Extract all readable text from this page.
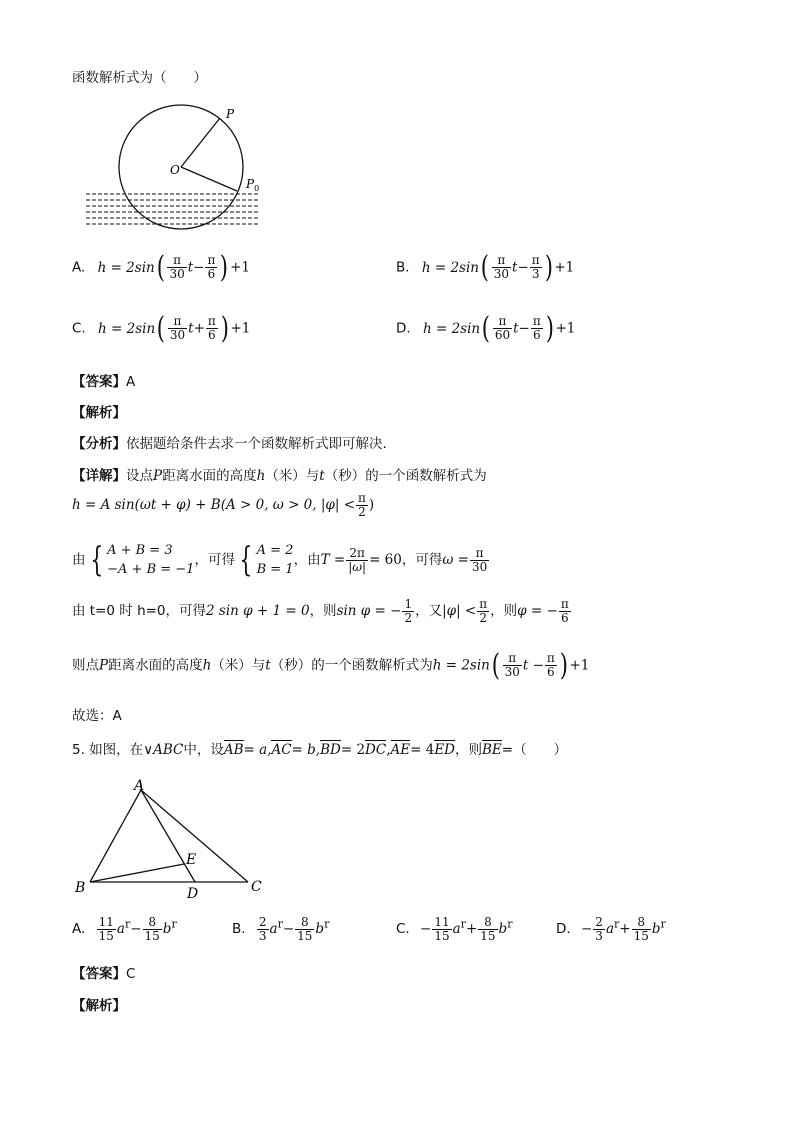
函数解析式为（　　）
P
O
$P_0$
A. $h = 2\sin( \frac{\pi}{30} t- \frac{\pi}{6}$ ) +1	B. $h = 2\sin( \frac{\pi}{30} t- \frac{\pi}{3}$ ) +1
C. $h = 2\sin( \frac{\pi}{30} t+ \frac{\pi}{6}$ ) +1	D. $h = 2\sin( \frac{\pi}{60} t- \frac{\pi}{6}$ ) +1
【答案】A
【解析】
【分析】依据题给条件去求一个函数解析式即可解决.
【详解】设点P距离水面的高度h（米）与t（秒）的一个函数解析式为
h = A sin(ωt + φ) + B(A > 0, ω > 0, $|\varphi| < \frac{\pi}{2}$ )
由 { A + B = 3
−A + B = −1
，可得 { A = 2
B = 1
，由$T = \frac{2\pi}{|\omega|} = 60$，可得$\omega = \frac{\pi}{30}$
由 t=0 时 h=0，可得2 sin φ + 1 = 0，则sin φ = − $\frac{1}{2}$ ，又$|\varphi| < \frac{\pi}{2}$ ，则φ = − $\frac{\pi}{6}$
则点P距离水面的高度h（米）与t（秒）的一个函数解析式为$h = 2\sin( \frac{\pi}{30}$ $t - \frac{\pi}{6}$ ) +1
故选：A
5. 如图，在∨ABC中，设AB= a,AC= b,BD= 2DC,AE= 4ED，则BE=（　　）
A
B	C
D
E
A. $\frac{11}{15} a^r- \frac{8}{15} b^r$	B. $\frac{2}{3} a^r- \frac{8}{15} b^r$	C. − $\frac{11}{15} a^r+ \frac{8}{15} b^r$	D. − $\frac{2}{3} a^r+ \frac{8}{15} b^r$
【答案】C
【解析】
